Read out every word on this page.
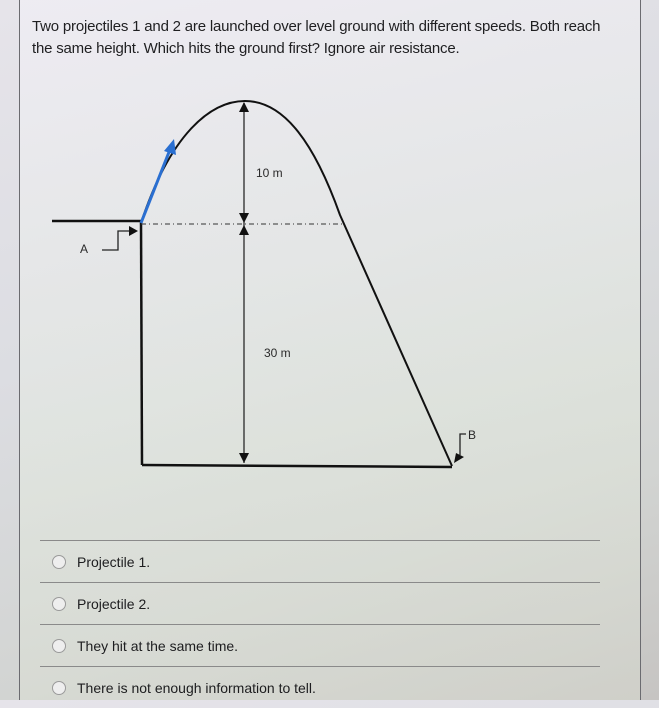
Two projectiles 1 and 2 are launched over level ground with different speeds. Both reach the same height. Which hits the ground first? Ignore air resistance.
10 m
30 m
A
B
Projectile 1.
Projectile 2.
They hit at the same time.
There is not enough information to tell.
